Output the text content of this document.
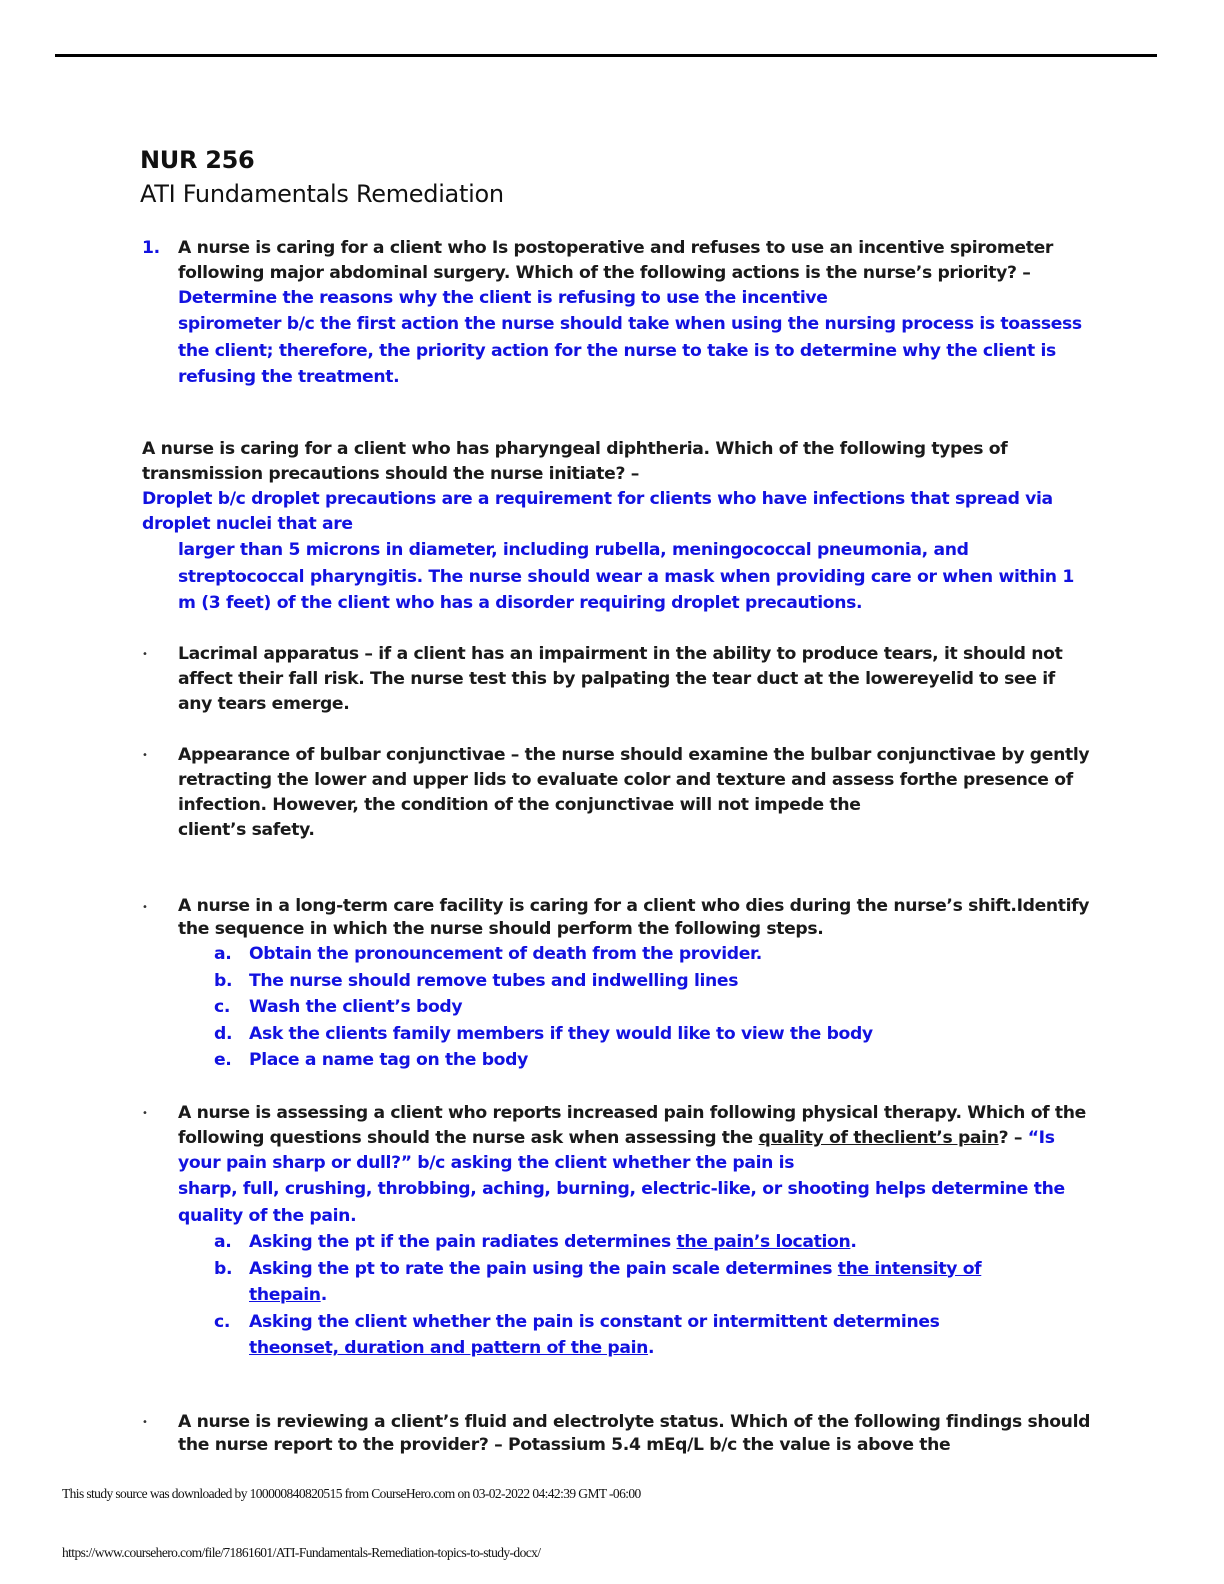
NUR 256
ATI Fundamentals Remediation
1.	A nurse is caring for a client who Is postoperative and refuses to use an incentive spirometer following major abdominal surgery. Which of the following actions is the nurse’s priority? – Determine the reasons why the client is refusing to use the incentive
spirometer b/c the first action the nurse should take when using the nursing process is toassess the client; therefore, the priority action for the nurse to take is to determine why the client is refusing the treatment.
A nurse is caring for a client who has pharyngeal diphtheria. Which of the following types of transmission precautions should the nurse initiate? –
Droplet b/c droplet precautions are a requirement for clients who have infections that spread via droplet nuclei that are
larger than 5 microns in diameter, including rubella, meningococcal pneumonia, and streptococcal pharyngitis. The nurse should wear a mask when providing care or when within 1 m (3 feet) of the client who has a disorder requiring droplet precautions.
•	Lacrimal apparatus – if a client has an impairment in the ability to produce tears, it should not affect their fall risk. The nurse test this by palpating the tear duct at the lowereyelid to see if any tears emerge.
•	Appearance of bulbar conjunctivae – the nurse should examine the bulbar conjunctivae by gently retracting the lower and upper lids to evaluate color and texture and assess forthe presence of infection. However, the condition of the conjunctivae will not impede the
client’s safety.
•	A nurse in a long-term care facility is caring for a client who dies during the nurse’s shift.Identify the sequence in which the nurse should perform the following steps.
a. Obtain the pronouncement of death from the provider.
b. The nurse should remove tubes and indwelling lines
c. Wash the client’s body
d. Ask the clients family members if they would like to view the body
e. Place a name tag on the body
•	A nurse is assessing a client who reports increased pain following physical therapy. Which of the following questions should the nurse ask when assessing the quality of theclient’s pain? – “Is your pain sharp or dull?” b/c asking the client whether the pain is
sharp, full, crushing, throbbing, aching, burning, electric-like, or shooting helps determine the quality of the pain.
a. Asking the pt if the pain radiates determines the pain’s location.
b. Asking the pt to rate the pain using the pain scale determines the intensity of thepain.
c. Asking the client whether the pain is constant or intermittent determines theonset, duration and pattern of the pain.
•	A nurse is reviewing a client’s fluid and electrolyte status. Which of the following findings should the nurse report to the provider? – Potassium 5.4 mEq/L b/c the value is above the
This study source was downloaded by 100000840820515 from CourseHero.com on 03-02-2022 04:42:39 GMT -06:00
https://www.coursehero.com/file/71861601/ATI-Fundamentals-Remediation-topics-to-study-docx/
